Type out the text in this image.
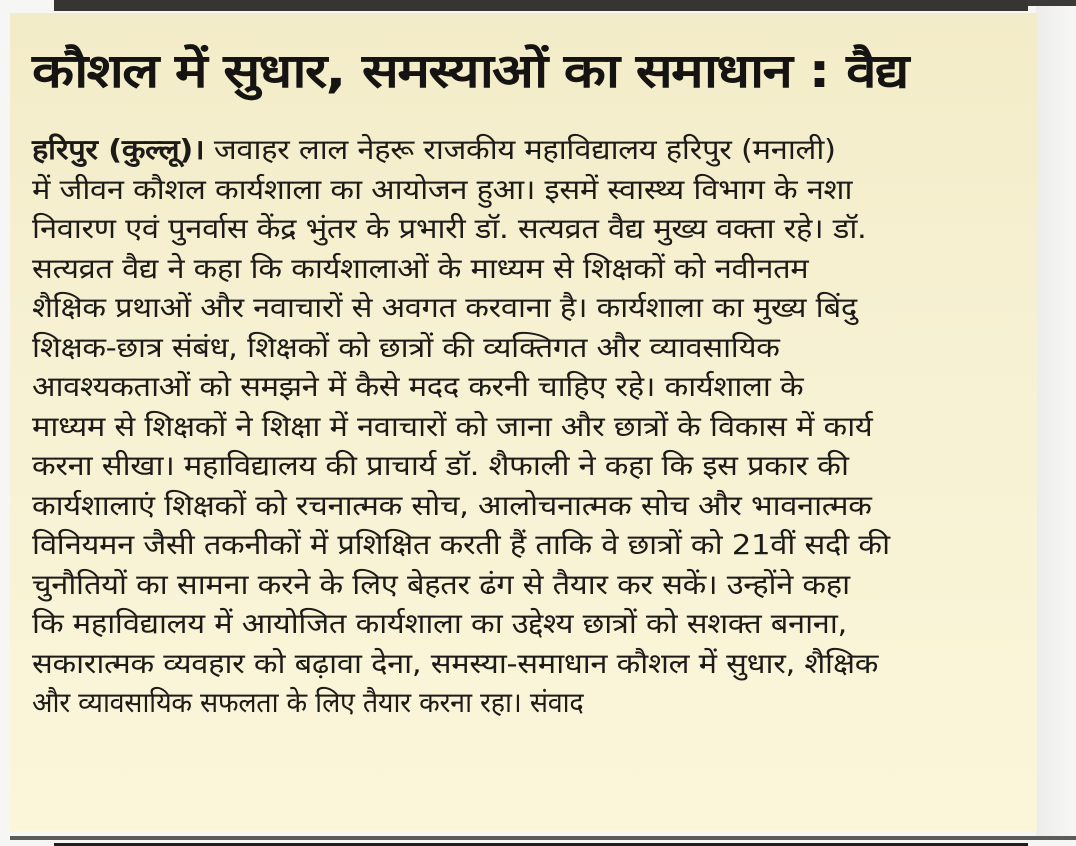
कौशल में सुधार, समस्याओं का समाधान : वैद्य
हरिपुर (कुल्लू)। जवाहर लाल नेहरू राजकीय महाविद्यालय हरिपुर (मनाली)
में जीवन कौशल कार्यशाला का आयोजन हुआ। इसमें स्वास्थ्य विभाग के नशा
निवारण एवं पुनर्वास केंद्र भुंतर के प्रभारी डॉ. सत्यव्रत वैद्य मुख्य वक्ता रहे। डॉ.
सत्यव्रत वैद्य ने कहा कि कार्यशालाओं के माध्यम से शिक्षकों को नवीनतम
शैक्षिक प्रथाओं और नवाचारों से अवगत करवाना है। कार्यशाला का मुख्य बिंदु
शिक्षक-छात्र संबंध, शिक्षकों को छात्रों की व्यक्तिगत और व्यावसायिक
आवश्यकताओं को समझने में कैसे मदद करनी चाहिए रहे। कार्यशाला के
माध्यम से शिक्षकों ने शिक्षा में नवाचारों को जाना और छात्रों के विकास में कार्य
करना सीखा। महाविद्यालय की प्राचार्य डॉ. शैफाली ने कहा कि इस प्रकार की
कार्यशालाएं शिक्षकों को रचनात्मक सोच, आलोचनात्मक सोच और भावनात्मक
विनियमन जैसी तकनीकों में प्रशिक्षित करती हैं ताकि वे छात्रों को 21वीं सदी की
चुनौतियों का सामना करने के लिए बेहतर ढंग से तैयार कर सकें। उन्होंने कहा
कि महाविद्यालय में आयोजित कार्यशाला का उद्देश्य छात्रों को सशक्त बनाना,
सकारात्मक व्यवहार को बढ़ावा देना, समस्या-समाधान कौशल में सुधार, शैक्षिक
और व्यावसायिक सफलता के लिए तैयार करना रहा। संवाद
